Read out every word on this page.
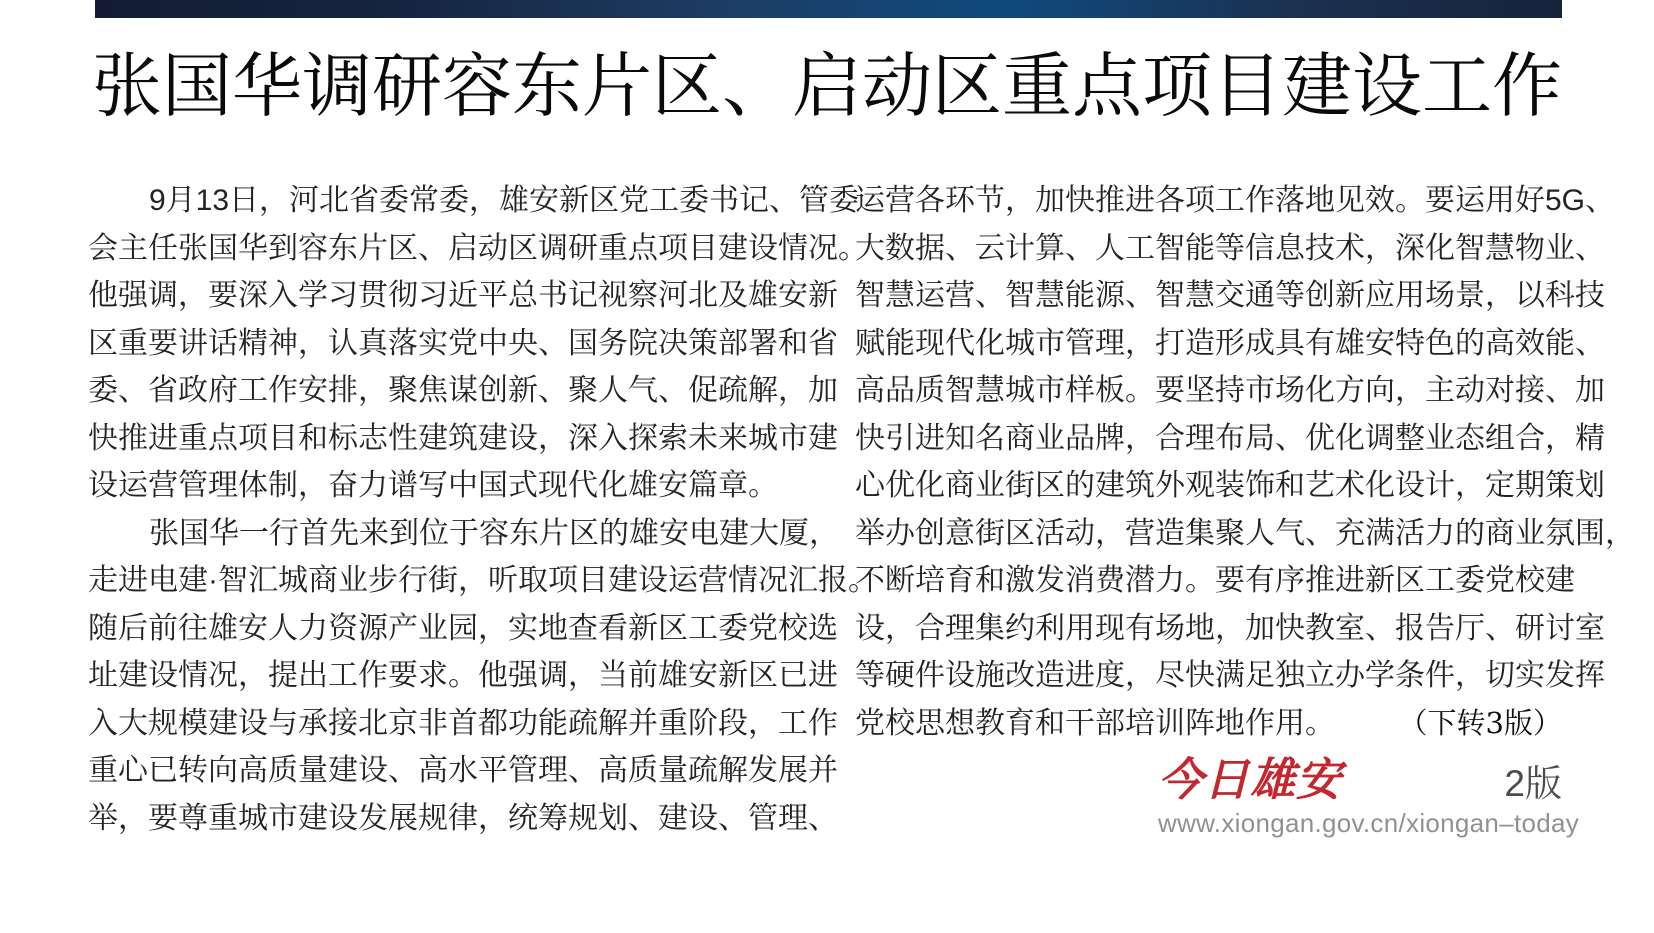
张国华调研容东片区、启动区重点项目建设工作
9月13日，河北省委常委，雄安新区党工委书记、管委
会主任张国华到容东片区、启动区调研重点项目建设情况。
他强调，要深入学习贯彻习近平总书记视察河北及雄安新
区重要讲话精神，认真落实党中央、国务院决策部署和省
委、省政府工作安排，聚焦谋创新、聚人气、促疏解，加
快推进重点项目和标志性建筑建设，深入探索未来城市建
设运营管理体制，奋力谱写中国式现代化雄安篇章。
张国华一行首先来到位于容东片区的雄安电建大厦，
走进电建·智汇城商业步行街，听取项目建设运营情况汇报。
随后前往雄安人力资源产业园，实地查看新区工委党校选
址建设情况，提出工作要求。他强调，当前雄安新区已进
入大规模建设与承接北京非首都功能疏解并重阶段，工作
重心已转向高质量建设、高水平管理、高质量疏解发展并
举，要尊重城市建设发展规律，统筹规划、建设、管理、
运营各环节，加快推进各项工作落地见效。要运用好5G、
大数据、云计算、人工智能等信息技术，深化智慧物业、
智慧运营、智慧能源、智慧交通等创新应用场景，以科技
赋能现代化城市管理，打造形成具有雄安特色的高效能、
高品质智慧城市样板。要坚持市场化方向，主动对接、加
快引进知名商业品牌，合理布局、优化调整业态组合，精
心优化商业街区的建筑外观装饰和艺术化设计，定期策划
举办创意街区活动，营造集聚人气、充满活力的商业氛围，
不断培育和激发消费潜力。要有序推进新区工委党校建
设，合理集约利用现有场地，加快教室、报告厅、研讨室
等硬件设施改造进度，尽快满足独立办学条件，切实发挥
党校思想教育和干部培训阵地作用。 （下转3版）
今日雄安	2版
www.xiongan.gov.cn/xiongan–today
